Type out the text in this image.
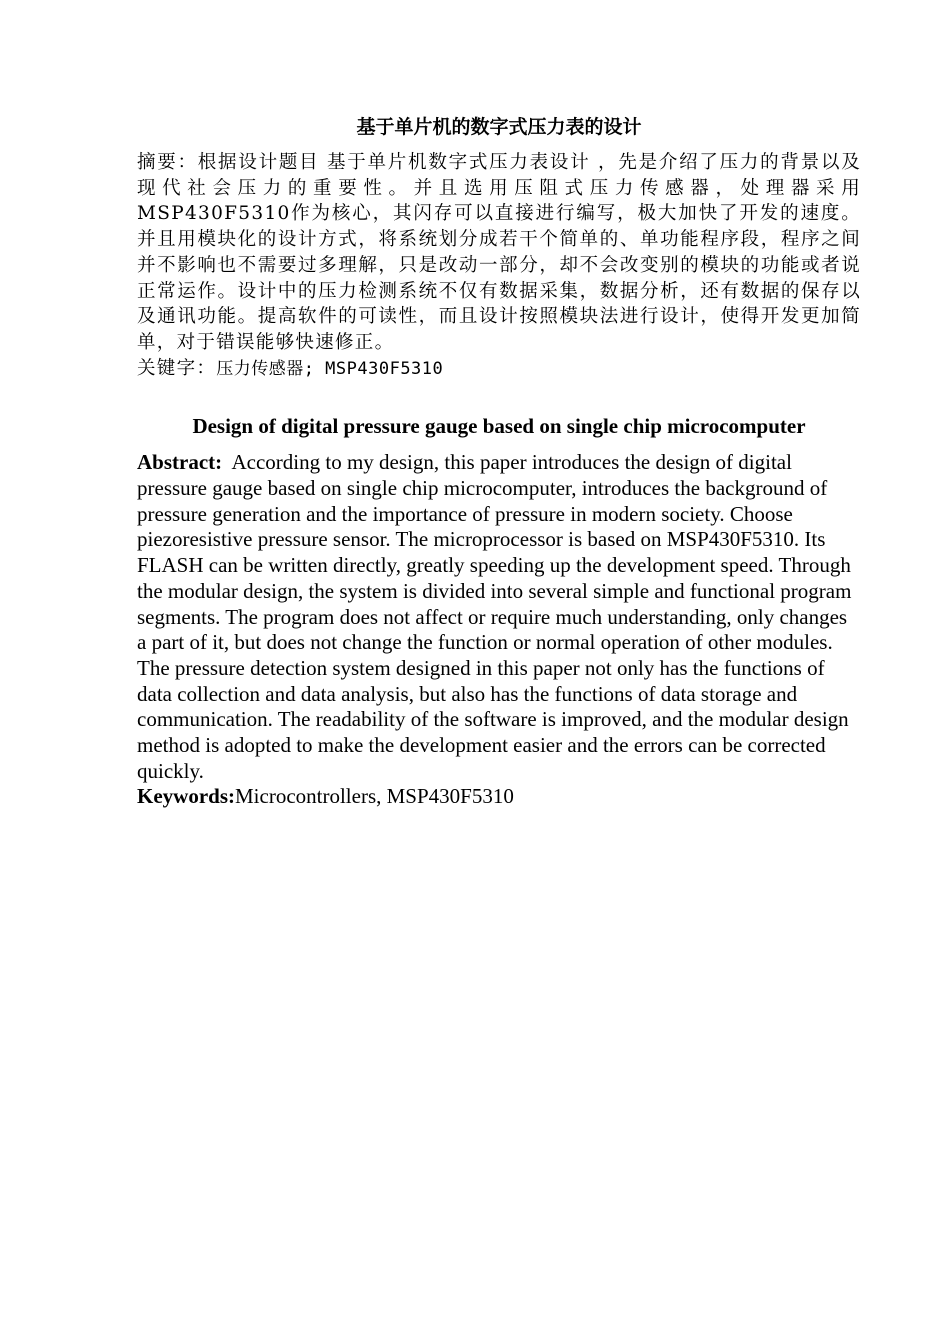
基于单片机的数字式压力表的设计

摘要：根据设计题目 基于单片机数字式压力表设计 ，先是介绍了压力的背景以及现代社会压力的重要性。并且选用压阻式压力传感器，处理器采用MSP430F5310作为核心，其闪存可以直接进行编写，极大加快了开发的速度。并且用模块化的设计方式，将系统划分成若干个简单的、单功能程序段，程序之间并不影响也不需要过多理解，只是改动一部分，却不会改变别的模块的功能或者说正常运作。设计中的压力检测系统不仅有数据采集，数据分析，还有数据的保存以及通讯功能。提高软件的可读性，而且设计按照模块法进行设计，使得开发更加简单，对于错误能够快速修正。

关键字：压力传感器; MSP430F5310

Design of digital pressure gauge based on single chip microcomputer

Abstract: According to my design, this paper introduces the design of digital pressure gauge based on single chip microcomputer, introduces the background of pressure generation and the importance of pressure in modern society. Choose piezoresistive pressure sensor. The microprocessor is based on MSP430F5310. Its FLASH can be written directly, greatly speeding up the development speed. Through the modular design, the system is divided into several simple and functional program segments. The program does not affect or require much understanding, only changes a part of it, but does not change the function or normal operation of other modules. The pressure detection system designed in this paper not only has the functions of data collection and data analysis, but also has the functions of data storage and communication. The readability of the software is improved, and the modular design method is adopted to make the development easier and the errors can be corrected quickly.

Keywords:Microcontrollers, MSP430F5310
